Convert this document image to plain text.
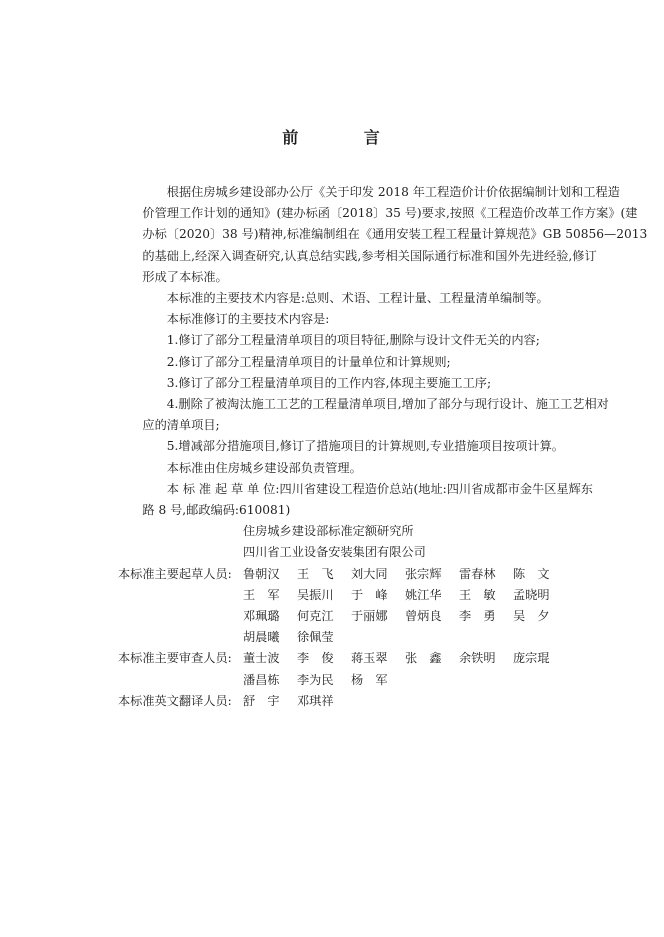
前 言

根据住房城乡建设部办公厅《关于印发 2018 年工程造价计价依据编制计划和工程造
价管理工作计划的通知》(建办标函〔2018〕35 号)要求,按照《工程造价改革工作方案》(建
办标〔2020〕38 号)精神,标准编制组在《通用安装工程工程量计算规范》GB 50856—2013
的基础上,经深入调查研究,认真总结实践,参考相关国际通行标准和国外先进经验,修订
形成了本标准。

本标准的主要技术内容是:总则、术语、工程计量、工程量清单编制等。

本标准修订的主要技术内容是:

1.修订了部分工程量清单项目的项目特征,删除与设计文件无关的内容;

2.修订了部分工程量清单项目的计量单位和计算规则;

3.修订了部分工程量清单项目的工作内容,体现主要施工工序;

4.删除了被淘汰施工工艺的工程量清单项目,增加了部分与现行设计、施工工艺相对
应的清单项目;

5.增减部分措施项目,修订了措施项目的计算规则,专业措施项目按项计算。

本标准由住房城乡建设部负责管理。

本 标 准 起 草 单 位:四川省建设工程造价总站(地址:四川省成都市金牛区星辉东
路 8 号,邮政编码:610081)

住房城乡建设部标准定额研究所
四川省工业设备安装集团有限公司
本标准主要起草人员: 鲁朝汉	王　飞	刘大同	张宗辉	雷春林	陈　文
王　军	吴振川	于　峰	姚江华	王　敏	孟晓明
邓珮璐	何克江	于丽娜	曾炳良	李　勇	吴　夕
胡晨曦	徐佩莹
本标准主要审查人员: 董士波	李　俊	蒋玉翠	张　鑫	余铁明	庞宗琨
潘昌栋	李为民	杨　军
本标准英文翻译人员: 舒　宇	邓琪祥
